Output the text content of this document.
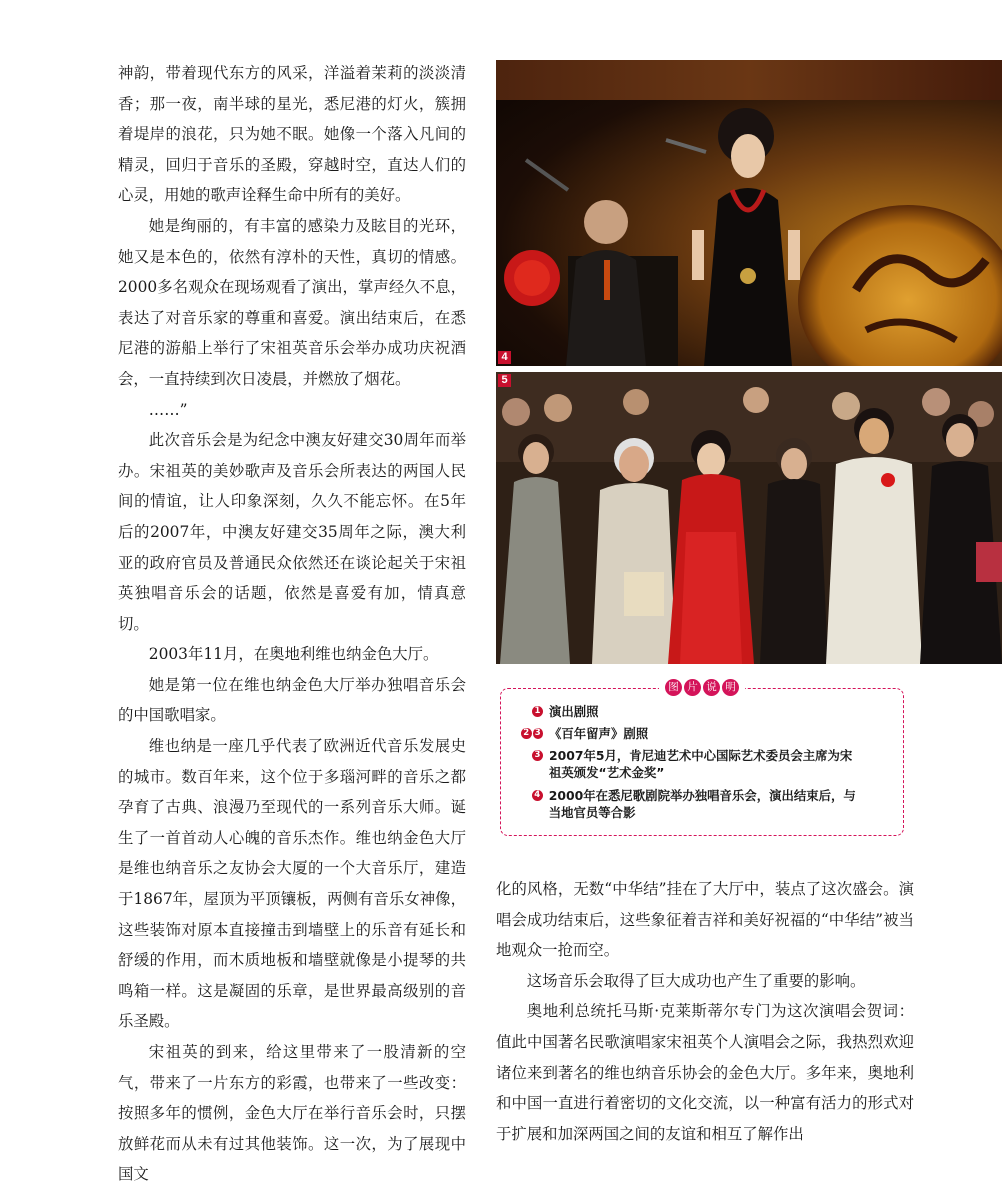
神韵，带着现代东方的风采，洋溢着茉莉的淡淡清香；那一夜，南半球的星光，悉尼港的灯火，簇拥着堤岸的浪花，只为她不眠。她像一个落入凡间的精灵，回归于音乐的圣殿，穿越时空，直达人们的心灵，用她的歌声诠释生命中所有的美好。

她是绚丽的，有丰富的感染力及眩目的光环，她又是本色的，依然有淳朴的天性，真切的情感。2000多名观众在现场观看了演出，掌声经久不息，表达了对音乐家的尊重和喜爱。演出结束后，在悉尼港的游船上举行了宋祖英音乐会举办成功庆祝酒会，一直持续到次日凌晨，并燃放了烟花。

……”

此次音乐会是为纪念中澳友好建交30周年而举办。宋祖英的美妙歌声及音乐会所表达的两国人民间的情谊，让人印象深刻，久久不能忘怀。在5年后的2007年，中澳友好建交35周年之际，澳大利亚的政府官员及普通民众依然还在谈论起关于宋祖英独唱音乐会的话题，依然是喜爱有加，情真意切。

2003年11月，在奥地利维也纳金色大厅。

她是第一位在维也纳金色大厅举办独唱音乐会的中国歌唱家。

维也纳是一座几乎代表了欧洲近代音乐发展史的城市。数百年来，这个位于多瑙河畔的音乐之都孕育了古典、浪漫乃至现代的一系列音乐大师。诞生了一首首动人心魄的音乐杰作。维也纳金色大厅是维也纳音乐之友协会大厦的一个大音乐厅，建造于1867年，屋顶为平顶镶板，两侧有音乐女神像，这些装饰对原本直接撞击到墙壁上的乐音有延长和舒缓的作用，而木质地板和墙壁就像是小提琴的共鸣箱一样。这是凝固的乐章，是世界最高级别的音乐圣殿。

宋祖英的到来，给这里带来了一股清新的空气，带来了一片东方的彩霞，也带来了一些改变：按照多年的惯例，金色大厅在举行音乐会时，只摆放鲜花而从未有过其他装饰。这一次，为了展现中国文

4
5
图 片 说 明
1 演出剧照
2 3 《百年留声》剧照
3 2007年5月，肯尼迪艺术中心国际艺术委员会主席为宋祖英颁发“艺术金奖”
4 2000年在悉尼歌剧院举办独唱音乐会，演出结束后，与当地官员等合影

化的风格，无数“中华结”挂在了大厅中，装点了这次盛会。演唱会成功结束后，这些象征着吉祥和美好祝福的“中华结”被当地观众一抢而空。

这场音乐会取得了巨大成功也产生了重要的影响。

奥地利总统托马斯·克莱斯蒂尔专门为这次演唱会贺词：值此中国著名民歌演唱家宋祖英个人演唱会之际，我热烈欢迎诸位来到著名的维也纳音乐协会的金色大厅。多年来，奥地利和中国一直进行着密切的文化交流，以一种富有活力的形式对于扩展和加深两国之间的友谊和相互了解作出
